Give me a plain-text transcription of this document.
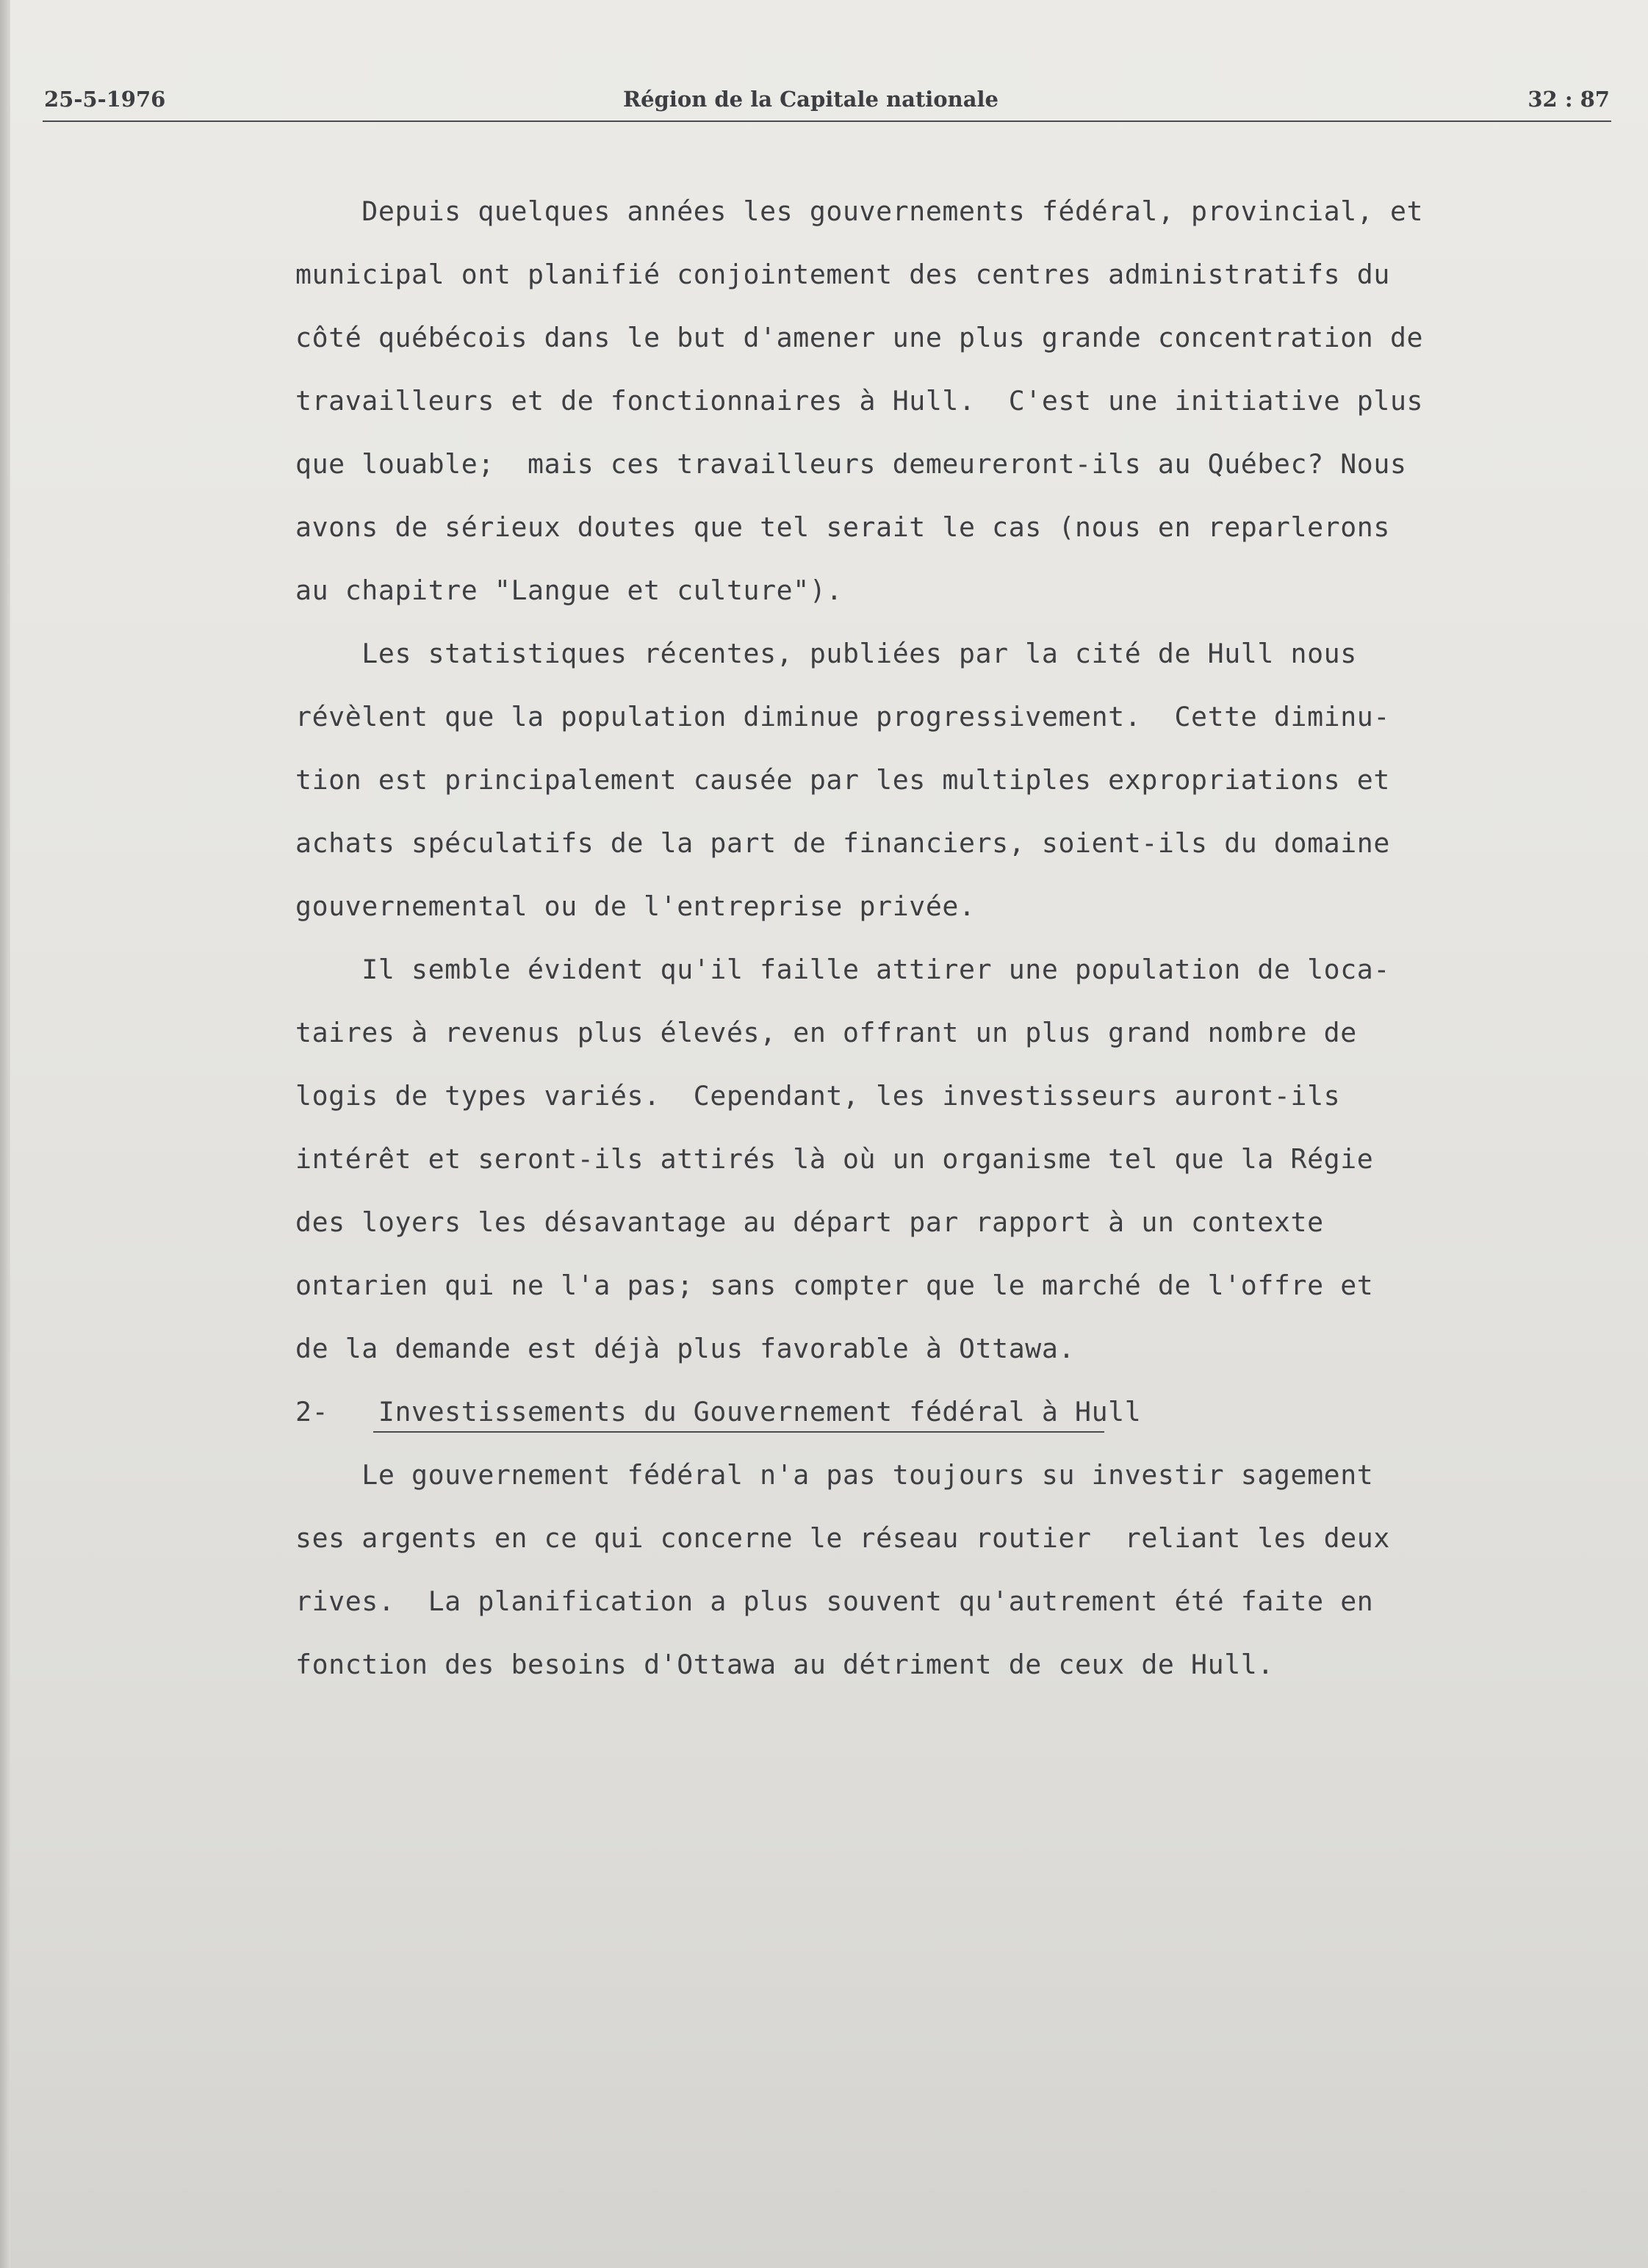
25-5-1976	Région de la Capitale nationale	32 : 87
Depuis quelques années les gouvernements fédéral, provincial, et
municipal ont planifié conjointement des centres administratifs du
côté québécois dans le but d'amener une plus grande concentration de
travailleurs et de fonctionnaires à Hull.  C'est une initiative plus
que louable;  mais ces travailleurs demeureront-ils au Québec? Nous
avons de sérieux doutes que tel serait le cas (nous en reparlerons
au chapitre "Langue et culture").
Les statistiques récentes, publiées par la cité de Hull nous
révèlent que la population diminue progressivement.  Cette diminu-
tion est principalement causée par les multiples expropriations et
achats spéculatifs de la part de financiers, soient-ils du domaine
gouvernemental ou de l'entreprise privée.
Il semble évident qu'il faille attirer une population de loca-
taires à revenus plus élevés, en offrant un plus grand nombre de
logis de types variés.  Cependant, les investisseurs auront-ils
intérêt et seront-ils attirés là où un organisme tel que la Régie
des loyers les désavantage au départ par rapport à un contexte
ontarien qui ne l'a pas; sans compter que le marché de l'offre et
de la demande est déjà plus favorable à Ottawa.
2-   Investissements du Gouvernement fédéral à Hull
Le gouvernement fédéral n'a pas toujours su investir sagement
ses argents en ce qui concerne le réseau routier  reliant les deux
rives.  La planification a plus souvent qu'autrement été faite en
fonction des besoins d'Ottawa au détriment de ceux de Hull.
